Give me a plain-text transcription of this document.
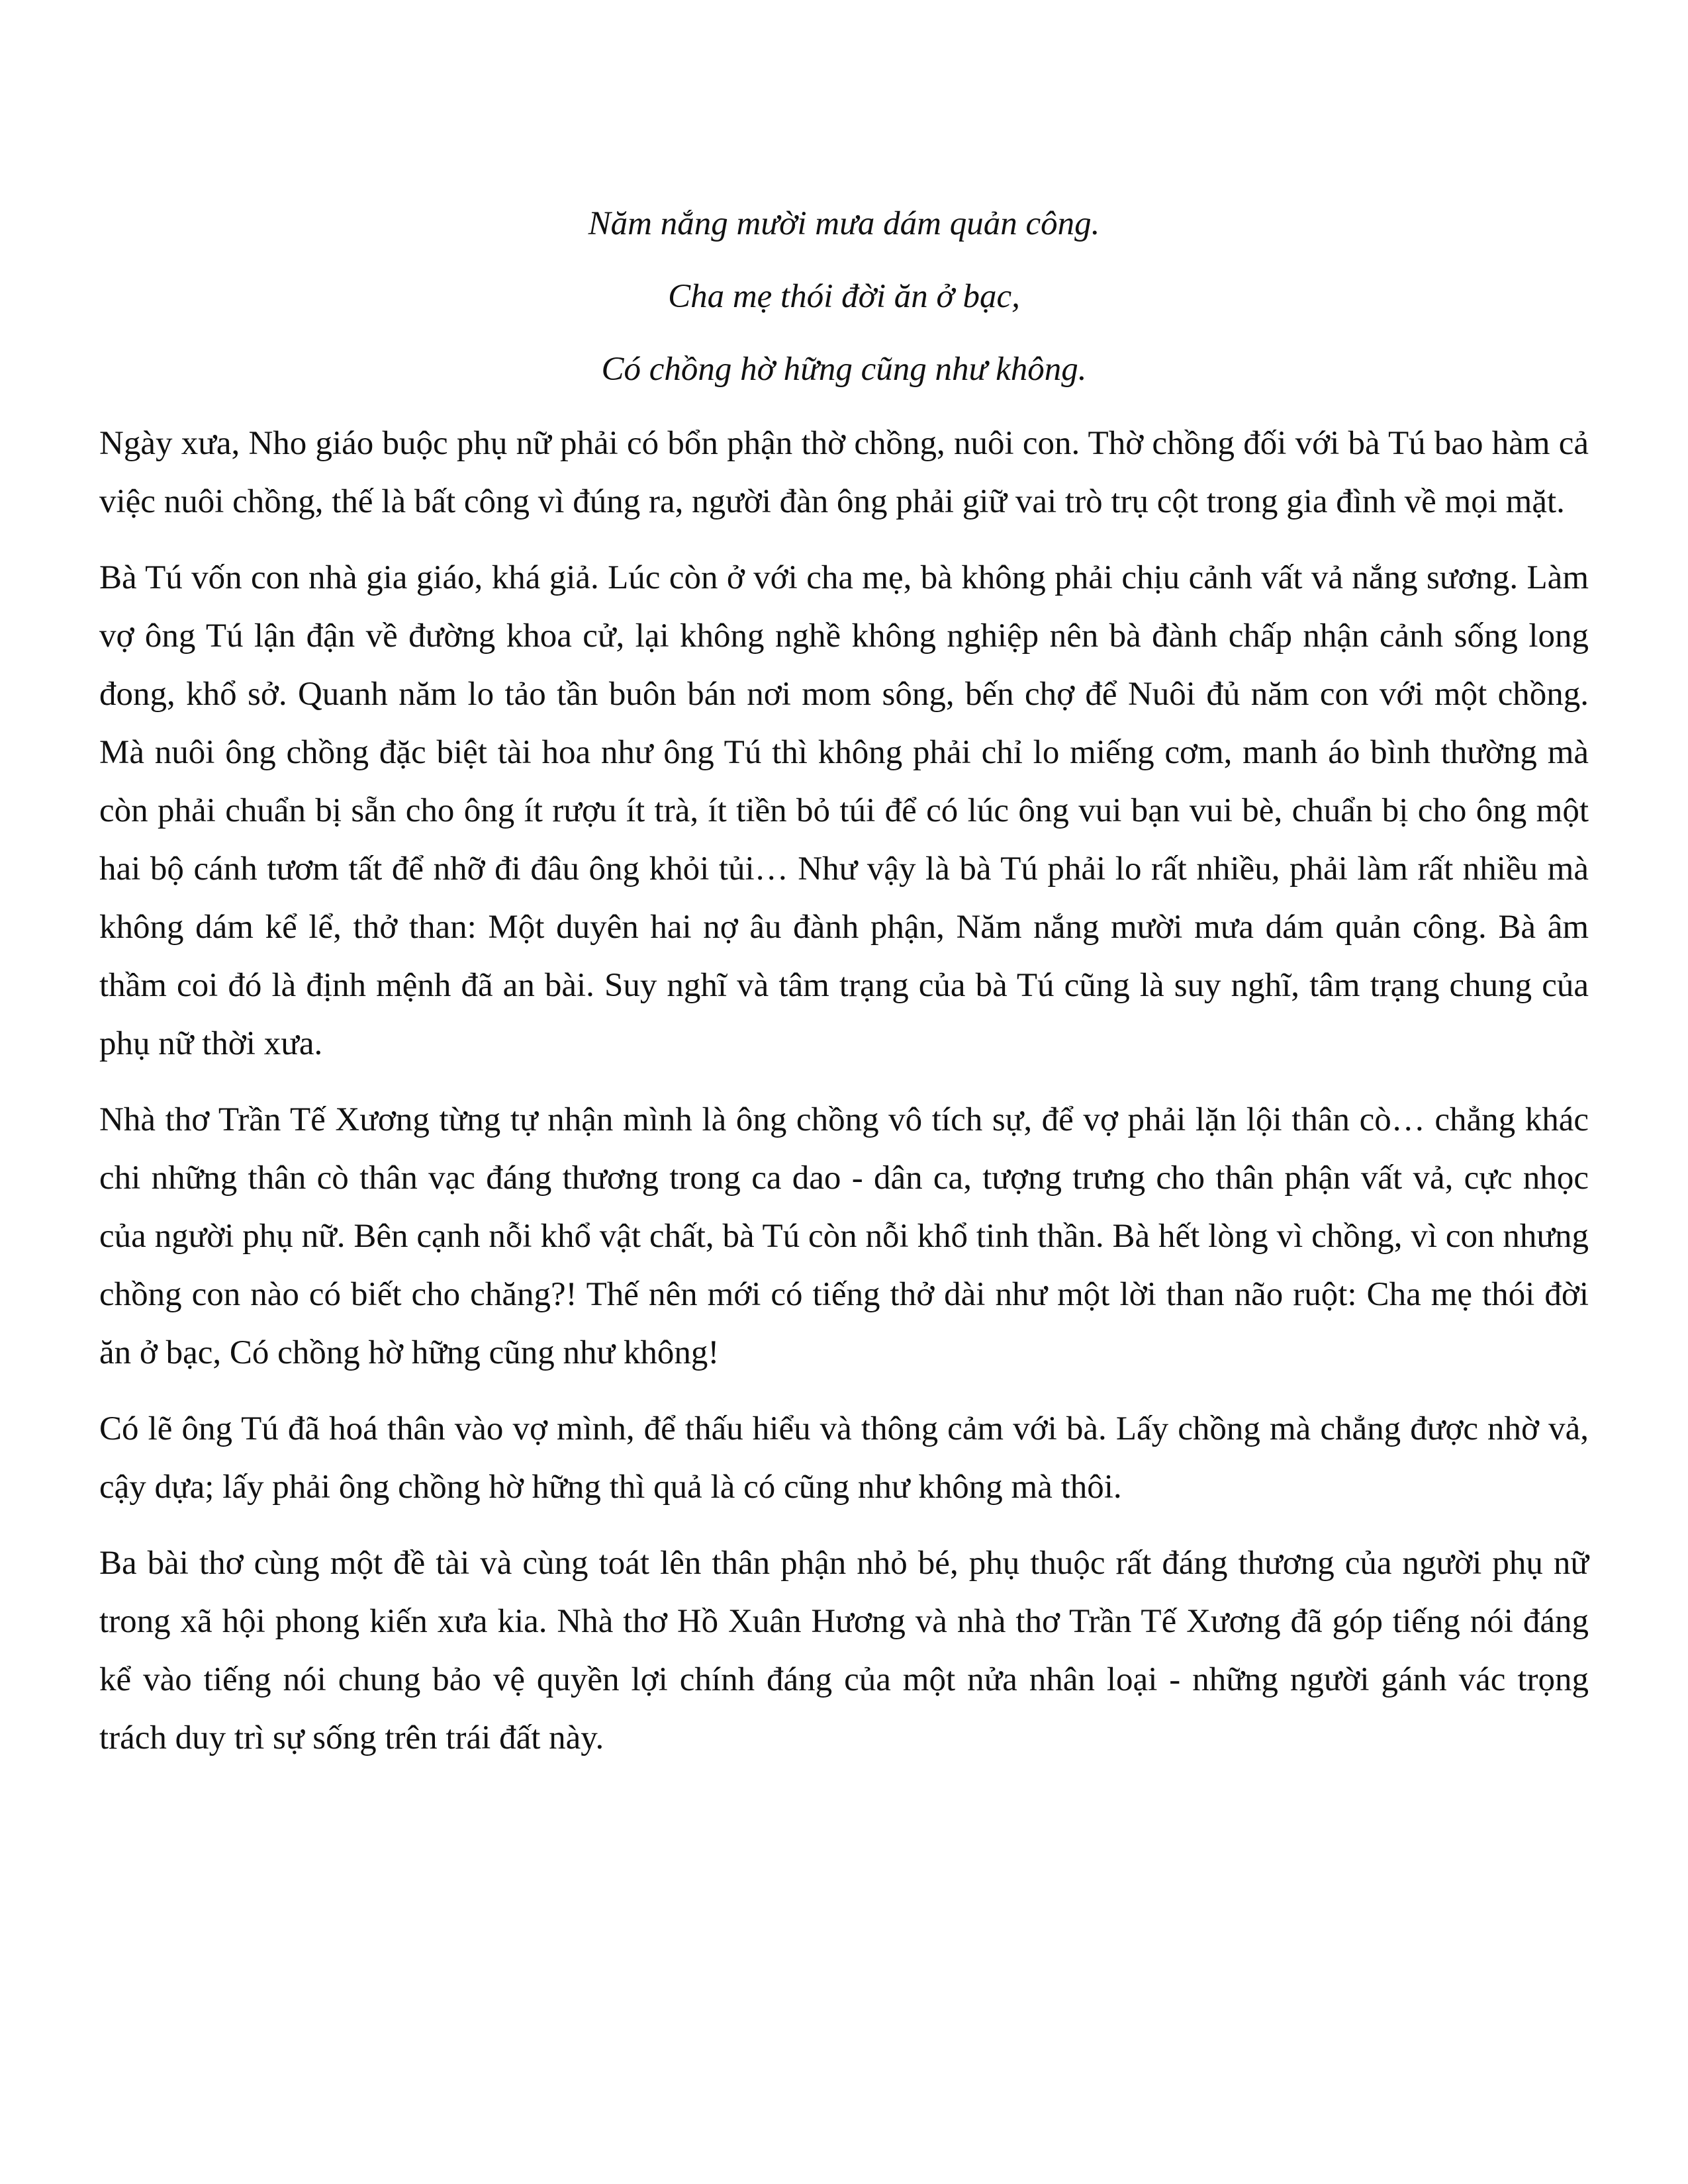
Năm nắng mười mưa dám quản công.
Cha mẹ thói đời ăn ở bạc,
Có chồng hờ hững cũng như không.

Ngày xưa, Nho giáo buộc phụ nữ phải có bổn phận thờ chồng, nuôi con. Thờ chồng đối với bà Tú bao hàm cả việc nuôi chồng, thế là bất công vì đúng ra, người đàn ông phải giữ vai trò trụ cột trong gia đình về mọi mặt.

Bà Tú vốn con nhà gia giáo, khá giả. Lúc còn ở với cha mẹ, bà không phải chịu cảnh vất vả nắng sương. Làm vợ ông Tú lận đận về đường khoa cử, lại không nghề không nghiệp nên bà đành chấp nhận cảnh sống long đong, khổ sở. Quanh năm lo tảo tần buôn bán nơi mom sông, bến chợ để Nuôi đủ năm con với một chồng. Mà nuôi ông chồng đặc biệt tài hoa như ông Tú thì không phải chỉ lo miếng cơm, manh áo bình thường mà còn phải chuẩn bị sẵn cho ông ít rượu ít trà, ít tiền bỏ túi để có lúc ông vui bạn vui bè, chuẩn bị cho ông một hai bộ cánh tươm tất để nhỡ đi đâu ông khỏi tủi… Như vậy là bà Tú phải lo rất nhiều, phải làm rất nhiều mà không dám kể lể, thở than: Một duyên hai nợ âu đành phận, Năm nắng mười mưa dám quản công. Bà âm thầm coi đó là định mệnh đã an bài. Suy nghĩ và tâm trạng của bà Tú cũng là suy nghĩ, tâm trạng chung của phụ nữ thời xưa.

Nhà thơ Trần Tế Xương từng tự nhận mình là ông chồng vô tích sự, để vợ phải lặn lội thân cò… chẳng khác chi những thân cò thân vạc đáng thương trong ca dao - dân ca, tượng trưng cho thân phận vất vả, cực nhọc của người phụ nữ. Bên cạnh nỗi khổ vật chất, bà Tú còn nỗi khổ tinh thần. Bà hết lòng vì chồng, vì con nhưng chồng con nào có biết cho chăng?! Thế nên mới có tiếng thở dài như một lời than não ruột: Cha mẹ thói đời ăn ở bạc, Có chồng hờ hững cũng như không!

Có lẽ ông Tú đã hoá thân vào vợ mình, để thấu hiểu và thông cảm với bà. Lấy chồng mà chẳng được nhờ vả, cậy dựa; lấy phải ông chồng hờ hững thì quả là có cũng như không mà thôi.

Ba bài thơ cùng một đề tài và cùng toát lên thân phận nhỏ bé, phụ thuộc rất đáng thương của người phụ nữ trong xã hội phong kiến xưa kia. Nhà thơ Hồ Xuân Hương và nhà thơ Trần Tế Xương đã góp tiếng nói đáng kể vào tiếng nói chung bảo vệ quyền lợi chính đáng của một nửa nhân loại - những người gánh vác trọng trách duy trì sự sống trên trái đất này.
